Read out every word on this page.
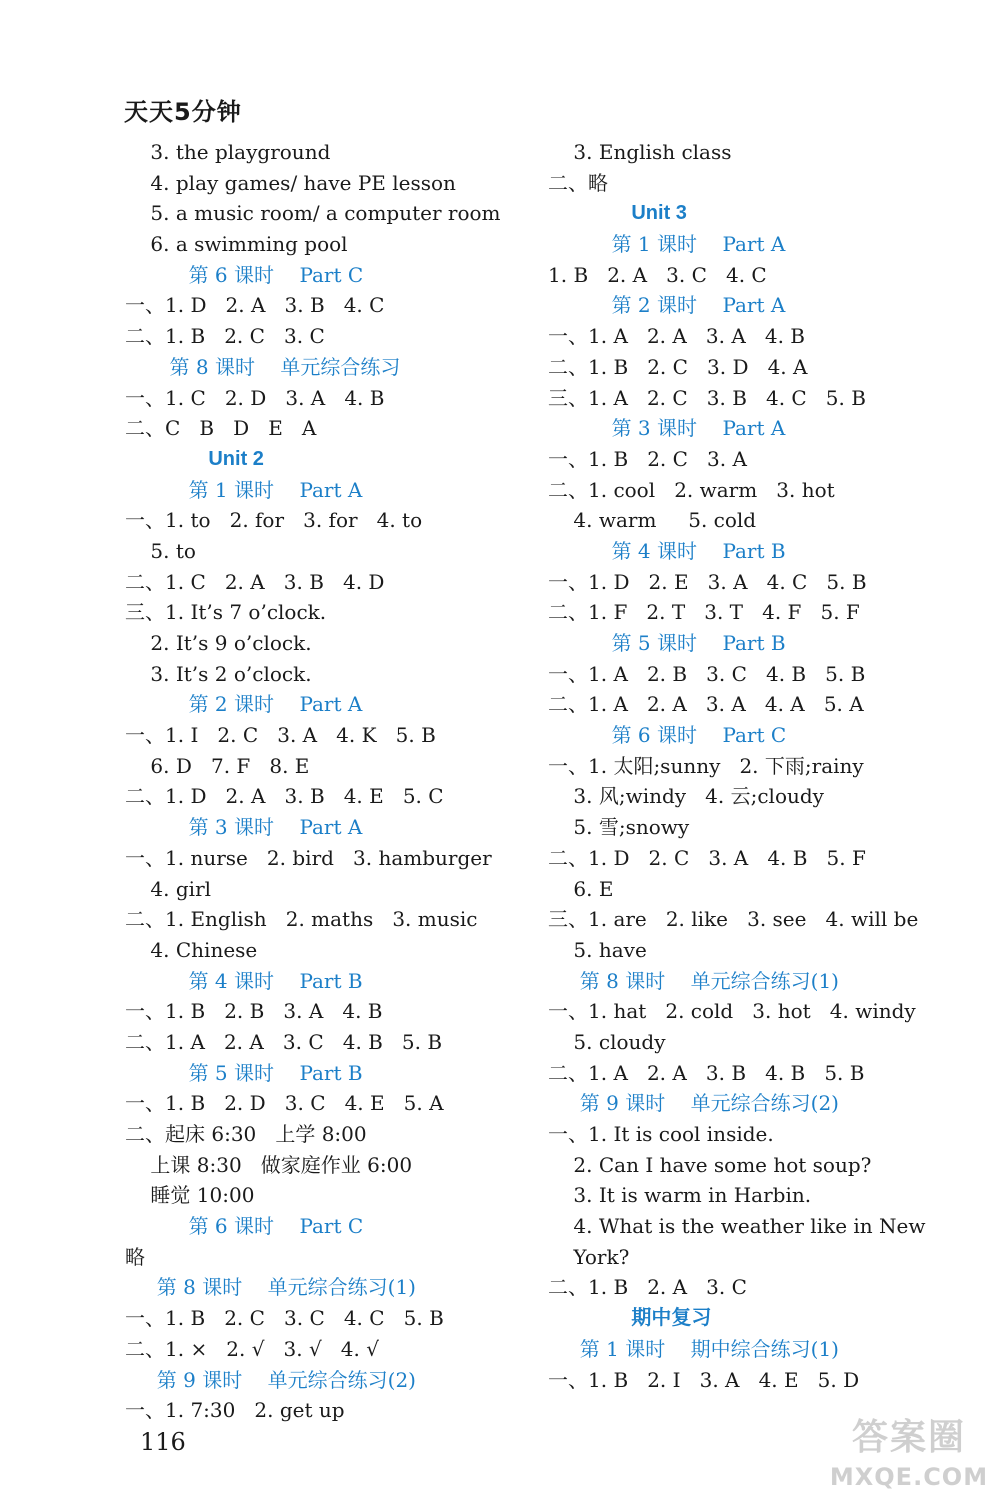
天天5分钟
3. the playground
4. play games/ have PE lesson
5. a music room/ a computer room
6. a swimming pool
第 6 课时    Part C
一、1. D   2. A   3. B   4. C
二、1. B   2. C   3. C
第 8 课时    单元综合练习
一、1. C   2. D   3. A   4. B
二、C   B   D   E   A
Unit 2
第 1 课时    Part A
一、1. to   2. for   3. for   4. to
5. to
二、1. C   2. A   3. B   4. D
三、1. It’s 7 o’clock.
2. It’s 9 o’clock.
3. It’s 2 o’clock.
第 2 课时    Part A
一、1. I   2. C   3. A   4. K   5. B
6. D   7. F   8. E
二、1. D   2. A   3. B   4. E   5. C
第 3 课时    Part A
一、1. nurse   2. bird   3. hamburger
4. girl
二、1. English   2. maths   3. music
4. Chinese
第 4 课时    Part B
一、1. B   2. B   3. A   4. B
二、1. A   2. A   3. C   4. B   5. B
第 5 课时    Part B
一、1. B   2. D   3. C   4. E   5. A
二、起床 6:30   上学 8:00
上课 8:30   做家庭作业 6:00
睡觉 10:00
第 6 课时    Part C
略
第 8 课时    单元综合练习(1)
一、1. B   2. C   3. C   4. C   5. B
二、1. ×   2. √   3. √   4. √
第 9 课时    单元综合练习(2)
一、1. 7:30   2. get up
3. English class
二、略
Unit 3
第 1 课时    Part A
1. B   2. A   3. C   4. C
第 2 课时    Part A
一、1. A   2. A   3. A   4. B
二、1. B   2. C   3. D   4. A
三、1. A   2. C   3. B   4. C   5. B
第 3 课时    Part A
一、1. B   2. C   3. A
二、1. cool   2. warm   3. hot
4. warm     5. cold
第 4 课时    Part B
一、1. D   2. E   3. A   4. C   5. B
二、1. F   2. T   3. T   4. F   5. F
第 5 课时    Part B
一、1. A   2. B   3. C   4. B   5. B
二、1. A   2. A   3. A   4. A   5. A
第 6 课时    Part C
一、1. 太阳;sunny   2. 下雨;rainy
3. 风;windy   4. 云;cloudy
5. 雪;snowy
二、1. D   2. C   3. A   4. B   5. F
6. E
三、1. are   2. like   3. see   4. will be
5. have
第 8 课时    单元综合练习(1)
一、1. hat   2. cold   3. hot   4. windy
5. cloudy
二、1. A   2. A   3. B   4. B   5. B
第 9 课时    单元综合练习(2)
一、1. It is cool inside.
2. Can I have some hot soup?
3. It is warm in Harbin.
4. What is the weather like in New
York?
二、1. B   2. A   3. C
期中复习
第 1 课时    期中综合练习(1)
一、1. B   2. I   3. A   4. E   5. D
116	答案圈
MXQE.COM
